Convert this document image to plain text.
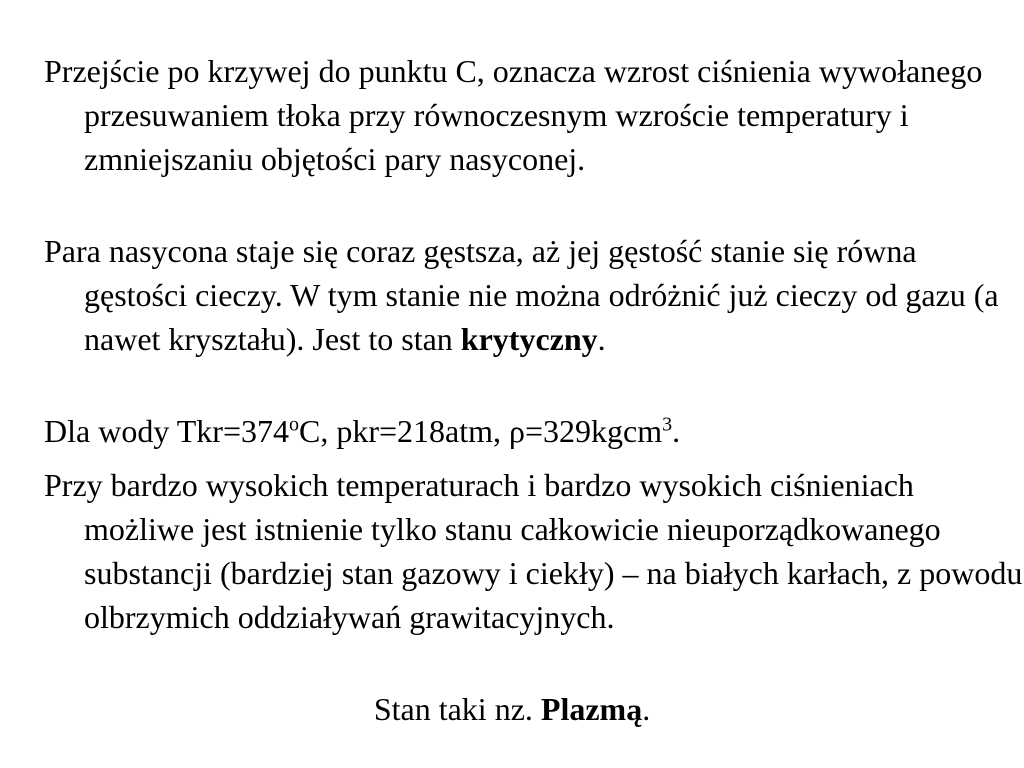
Przejście po krzywej do punktu C, oznacza wzrost ciśnienia wywołanego przesuwaniem tłoka przy równoczesnym wzroście temperatury i zmniejszaniu objętości pary nasyconej.

Para nasycona staje się coraz gęstsza, aż jej gęstość stanie się równa gęstości cieczy. W tym stanie nie można odróżnić już cieczy od gazu (a nawet kryształu). Jest to stan krytyczny.

Dla wody $Tkr=374^oC$, pkr=218atm, ρ=329kgcm$^3$.

Przy bardzo wysokich temperaturach i bardzo wysokich ciśnieniach możliwe jest istnienie tylko stanu całkowicie nieuporządkowanego substancji (bardziej stan gazowy i ciekły) – na białych karłach, z powodu olbrzymich oddziaływań grawitacyjnych.

Stan taki nz. Plazmą.
